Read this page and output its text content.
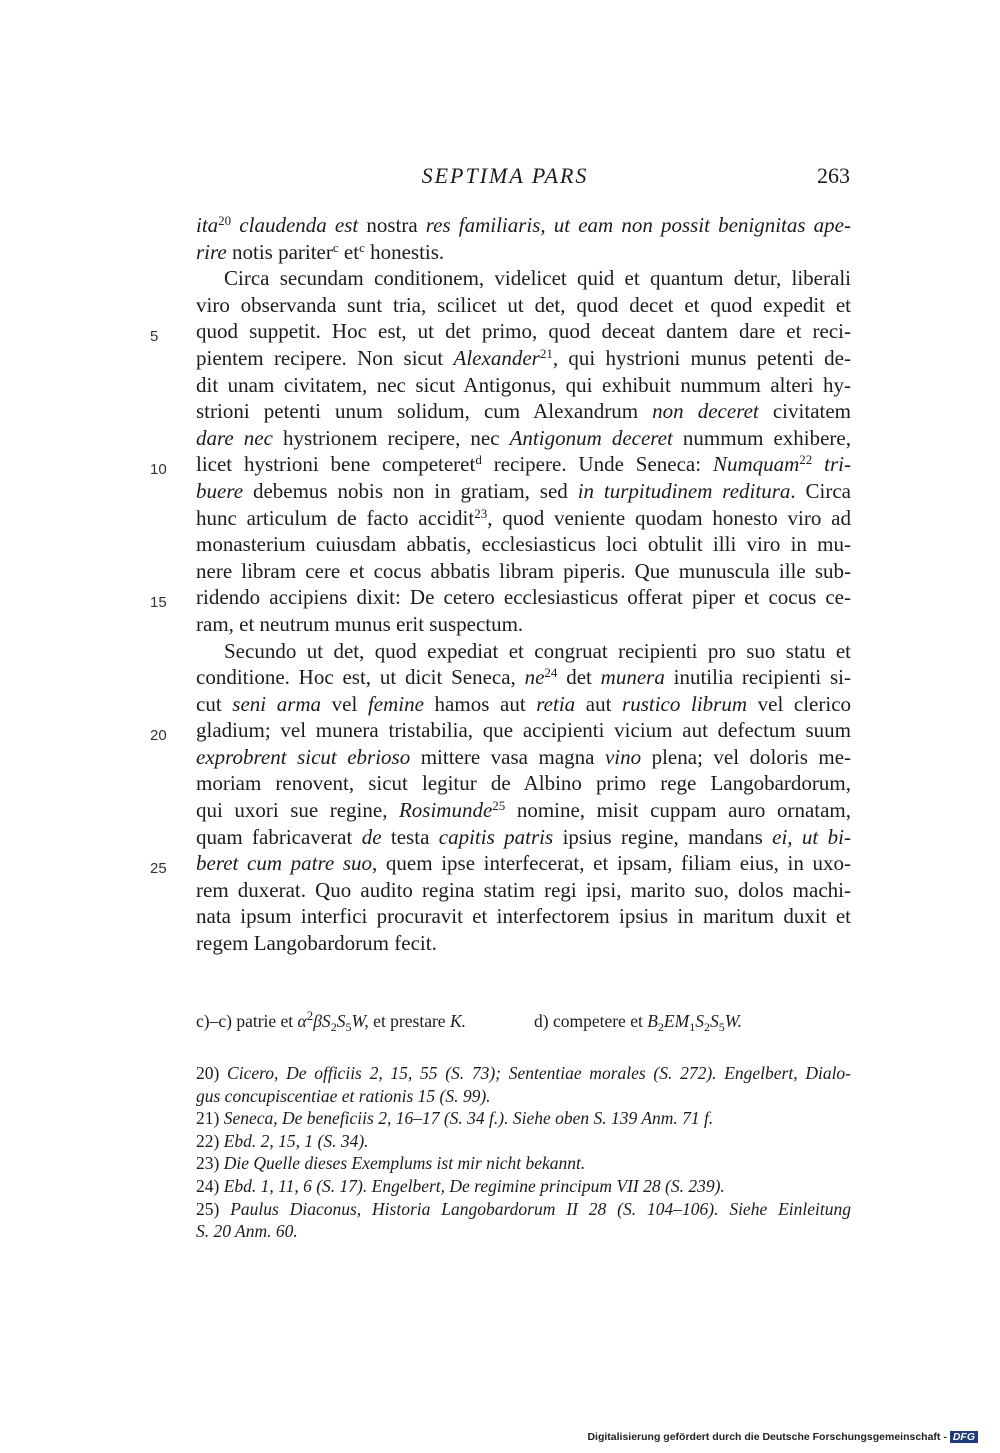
SEPTIMA PARS	263
5
10
15
20
25
ita$^{20}$ claudenda est nostra res familiaris, ut eam non possit benignitas ape-
rire notis pariter$^c$ $et^c$ honestis.
Circa secundam conditionem, videlicet quid et quantum detur, liberali
viro observanda sunt tria, scilicet ut det, quod decet et quod expedit et
quod suppetit. Hoc est, ut det primo, quod deceat dantem dare et reci-
pientem recipere. Non sicut Alexander$^{21}$, qui hystrioni munus petenti de-
dit unam civitatem, nec sicut Antigonus, qui exhibuit nummum alteri hy-
strioni petenti unum solidum, cum Alexandrum non deceret civitatem
dare nec hystrionem recipere, nec Antigonum deceret nummum exhibere,
licet hystrioni bene competeret$^d$ recipere. Unde Seneca: Numquam$^{22}$ tri-
buere debemus nobis non in gratiam, sed in turpitudinem reditura. Circa
hunc articulum de facto accidit$^{23}$, quod veniente quodam honesto viro ad
monasterium cuiusdam abbatis, ecclesiasticus loci obtulit illi viro in mu-
nere libram cere et cocus abbatis libram piperis. Que munuscula ille sub-
ridendo accipiens dixit: De cetero ecclesiasticus offerat piper et cocus ce-
ram, et neutrum munus erit suspectum.
Secundo ut det, quod expediat et congruat recipienti pro suo statu et
conditione. Hoc est, ut dicit Seneca, $ne^{24}$ det munera inutilia recipienti si-
cut seni arma vel femine hamos aut retia aut rustico librum vel clerico
gladium; vel munera tristabilia, que accipienti vicium aut defectum suum
exprobrent sicut ebrioso mittere vasa magna vino plena; vel doloris me-
moriam renovent, sicut legitur de Albino primo rege Langobardorum,
qui uxori sue regine, Rosimunde$^{25}$ nomine, misit cuppam auro ornatam,
quam fabricaverat de testa capitis patris ipsius regine, mandans ei, ut bi-
beret cum patre suo, quem ipse interfecerat, et ipsam, filiam eius, in uxo-
rem duxerat. Quo audito regina statim regi ipsi, marito suo, dolos machi-
nata ipsum interfici procuravit et interfectorem ipsius in maritum duxit et
regem Langobardorum fecit.
c)–c) patrie et $\alpha^2\beta S_2S_5W$, et prestare K.	d) competere et $B_2EM_1S_2S_5W$.
20) Cicero, De officiis 2, 15, 55 (S. 73); Sententiae morales (S. 272). Engelbert, Dialo-
gus concupiscentiae et rationis 15 (S. 99).
21) Seneca, De beneficiis 2, 16–17 (S. 34 f.). Siehe oben S. 139 Anm. 71 f.
22) Ebd. 2, 15, 1 (S. 34).
23) Die Quelle dieses Exemplums ist mir nicht bekannt.
24) Ebd. 1, 11, 6 (S. 17). Engelbert, De regimine principum VII 28 (S. 239).
25) Paulus Diaconus, Historia Langobardorum II 28 (S. 104–106). Siehe Einleitung
S. 20 Anm. 60.
Digitalisierung gefördert durch die Deutsche Forschungsgemeinschaft - DFG
